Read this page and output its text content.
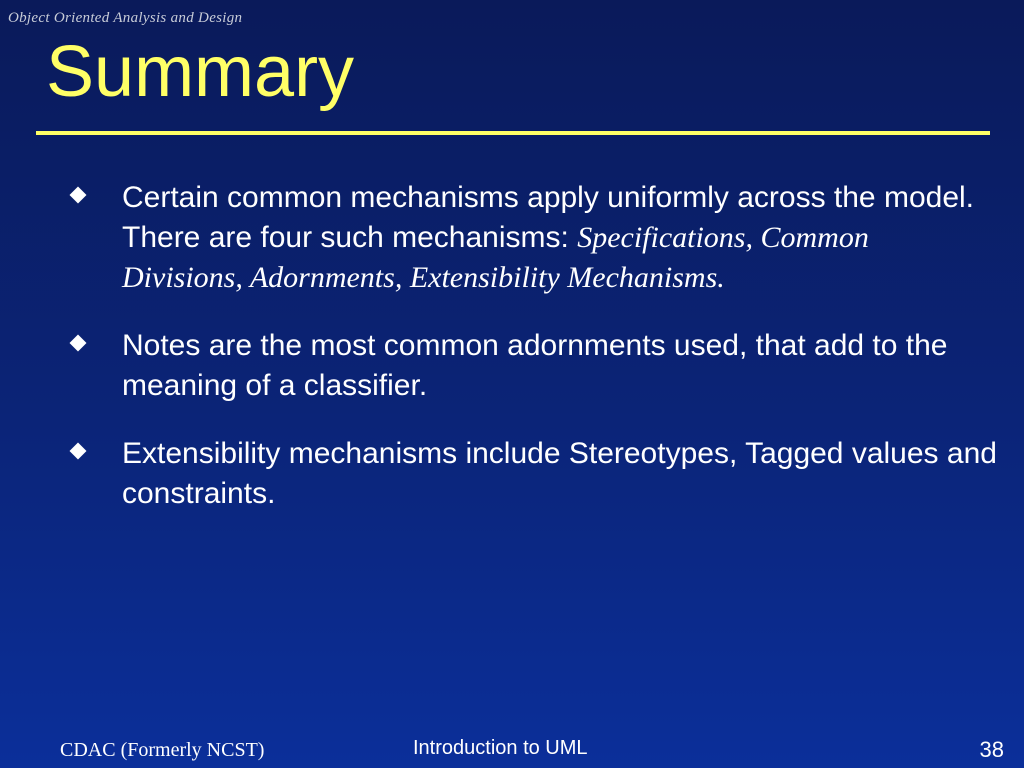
Object Oriented Analysis and Design
Summary
Certain common mechanisms apply uniformly across the model. There are four such mechanisms: Specifications, Common Divisions, Adornments, Extensibility Mechanisms.
Notes are the most common adornments used, that add to the meaning of a classifier.
Extensibility mechanisms include Stereotypes, Tagged values and constraints.
CDAC (Formerly NCST)	Introduction to UML	38
